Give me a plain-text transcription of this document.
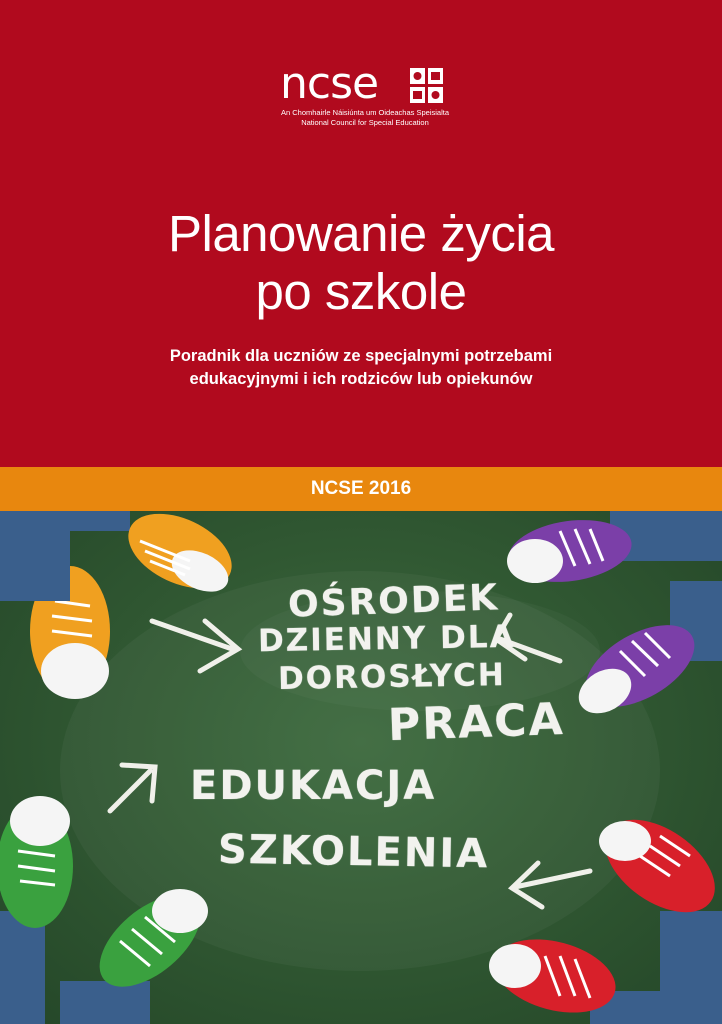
ncse
An Chomhairle Náisiúnta um Oideachas Speisialta
National Council for Special Education
Planowanie życia
po szkole
Poradnik dla uczniów ze specjalnymi potrzebami
edukacyjnymi i ich rodziców lub opiekunów
NCSE 2016
OŚRODEK
DZIENNY DLA
DOROSŁYCH
PRACA
EDUKACJA
SZKOLENIA
